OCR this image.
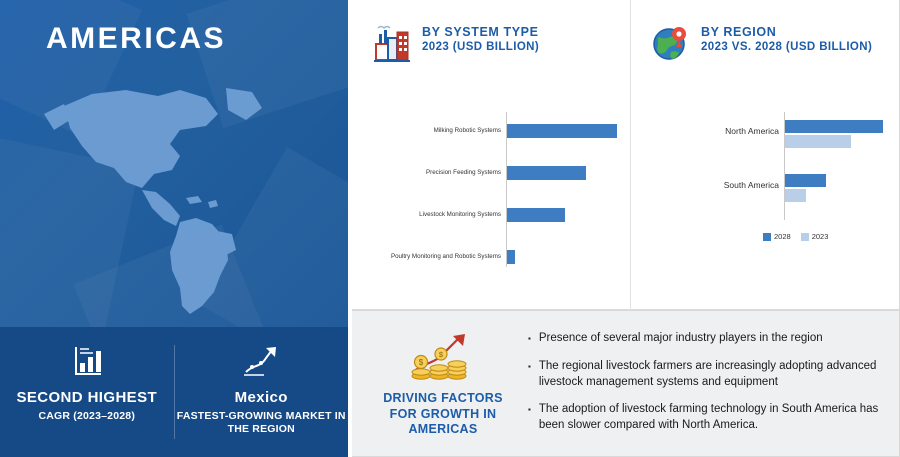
AMERICAS
SECOND HIGHEST
CAGR (2023–2028)
Mexico
FASTEST-GROWING MARKET IN THE REGION
BY SYSTEM TYPE
2023 (USD BILLION)
Milking Robotic Systems
Precision Feeding Systems
Livestock Monitoring Systems
Poultry Monitoring and Robotic Systems
BY REGION
2023 VS. 2028 (USD BILLION)
North America
South America
2028	2023
$
$
DRIVING FACTORS FOR GROWTH IN AMERICAS
▪ Presence of several major industry players in the region
▪ The regional livestock farmers are increasingly adopting advanced livestock management systems and equipment
▪ The adoption of livestock farming technology in South America has been slower compared with North America.
